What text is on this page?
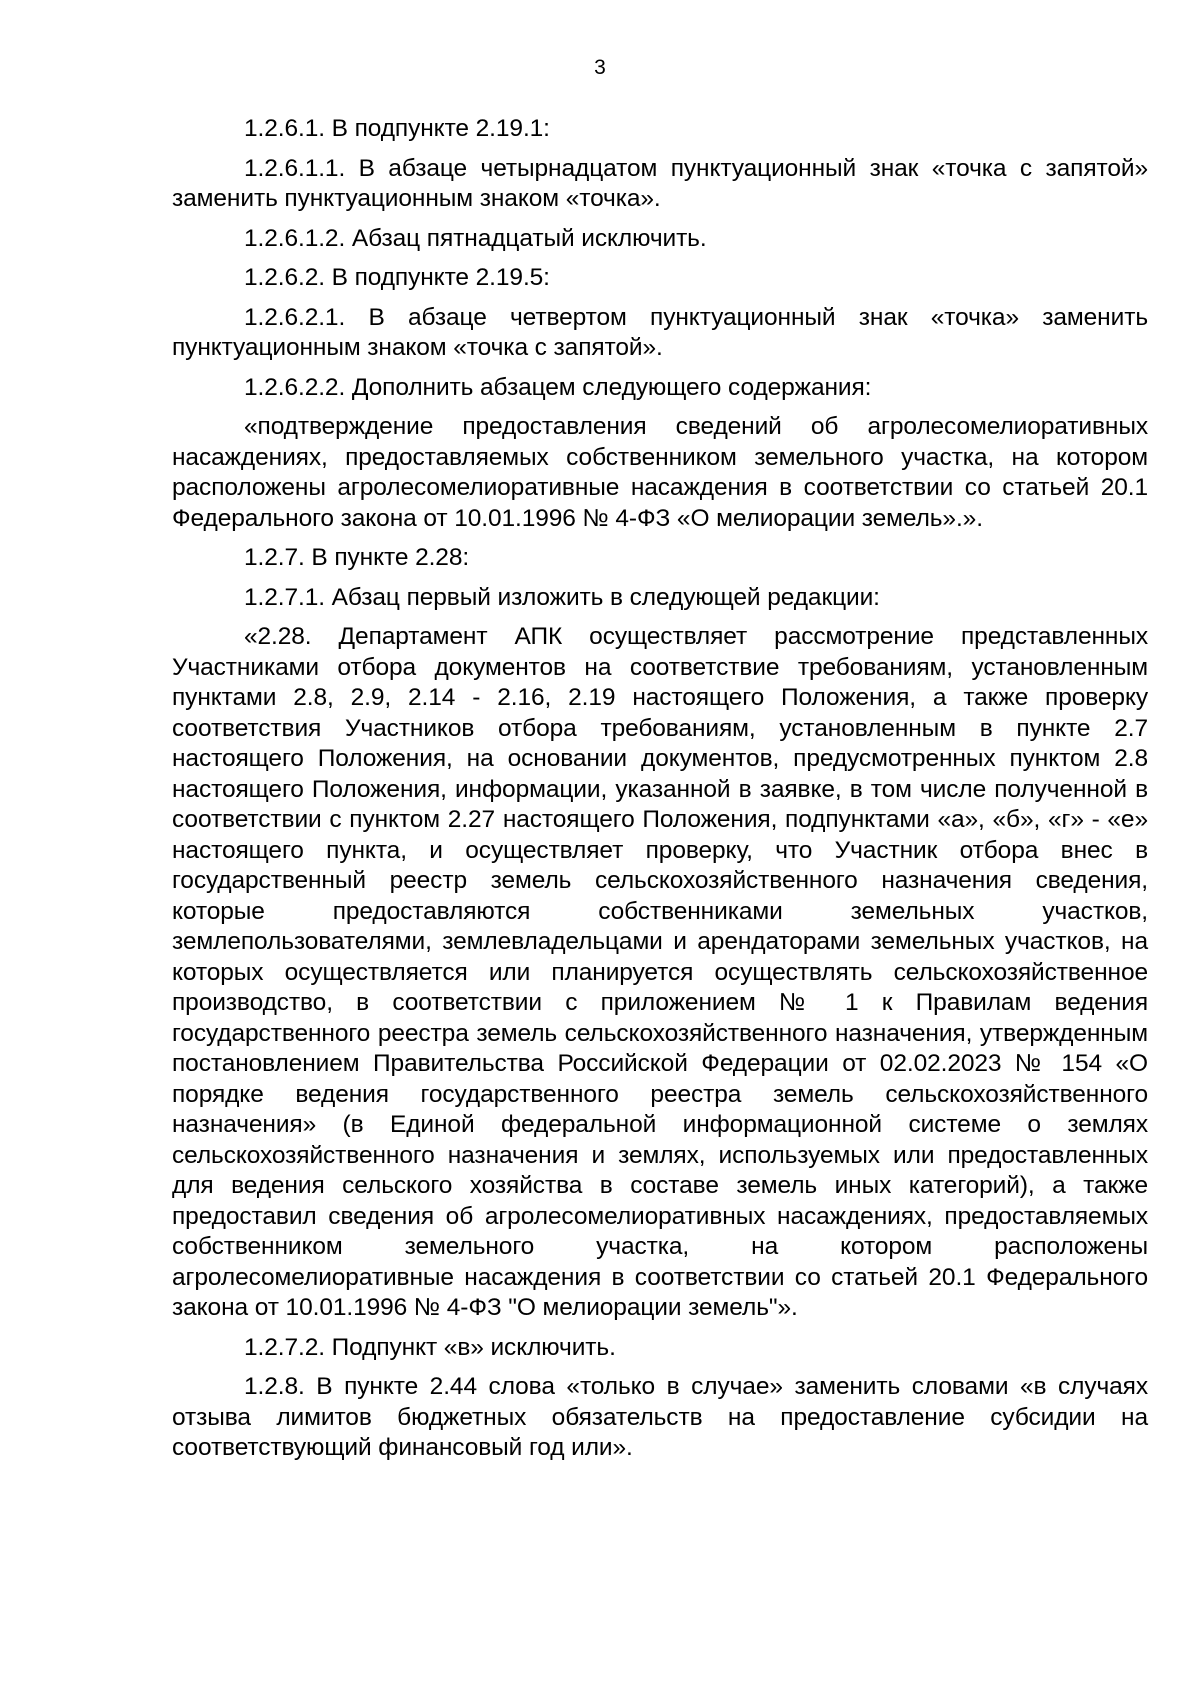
3

1.2.6.1. В подпункте 2.19.1:

1.2.6.1.1. В абзаце четырнадцатом пунктуационный знак «точка с запятой» заменить пунктуационным знаком «точка».

1.2.6.1.2. Абзац пятнадцатый исключить.

1.2.6.2. В подпункте 2.19.5:

1.2.6.2.1. В абзаце четвертом пунктуационный знак «точка» заменить пунктуационным знаком «точка с запятой».

1.2.6.2.2. Дополнить абзацем следующего содержания:

«подтверждение предоставления сведений об агролесомелиоративных насаждениях, предоставляемых собственником земельного участка, на котором расположены агролесомелиоративные насаждения в соответствии со статьей 20.1 Федерального закона от 10.01.1996 № 4-ФЗ «О мелиорации земель».».

1.2.7. В пункте 2.28:

1.2.7.1. Абзац первый изложить в следующей редакции:

«2.28. Департамент АПК осуществляет рассмотрение представленных Участниками отбора документов на соответствие требованиям, установленным пунктами 2.8, 2.9, 2.14 - 2.16, 2.19 настоящего Положения, а также проверку соответствия Участников отбора требованиям, установленным в пункте 2.7 настоящего Положения, на основании документов, предусмотренных пунктом 2.8 настоящего Положения, информации, указанной в заявке, в том числе полученной в соответствии с пунктом 2.27 настоящего Положения, подпунктами «а», «б», «г» - «е» настоящего пункта, и осуществляет проверку, что Участник отбора внес в государственный реестр земель сельскохозяйственного назначения сведения, которые предоставляются собственниками земельных участков, землепользователями, землевладельцами и арендаторами земельных участков, на которых осуществляется или планируется осуществлять сельскохозяйственное производство, в соответствии с приложением № 1 к Правилам ведения государственного реестра земель сельскохозяйственного назначения, утвержденным постановлением Правительства Российской Федерации от 02.02.2023 № 154 «О порядке ведения государственного реестра земель сельскохозяйственного назначения» (в Единой федеральной информационной системе о землях сельскохозяйственного назначения и землях, используемых или предоставленных для ведения сельского хозяйства в составе земель иных категорий), а также предоставил сведения об агролесомелиоративных насаждениях, предоставляемых собственником земельного участка, на котором расположены агролесомелиоративные насаждения в соответствии со статьей 20.1 Федерального закона от 10.01.1996 № 4-ФЗ "О мелиорации земель"».

1.2.7.2. Подпункт «в» исключить.

1.2.8. В пункте 2.44 слова «только в случае» заменить словами «в случаях отзыва лимитов бюджетных обязательств на предоставление субсидии на соответствующий финансовый год или».
